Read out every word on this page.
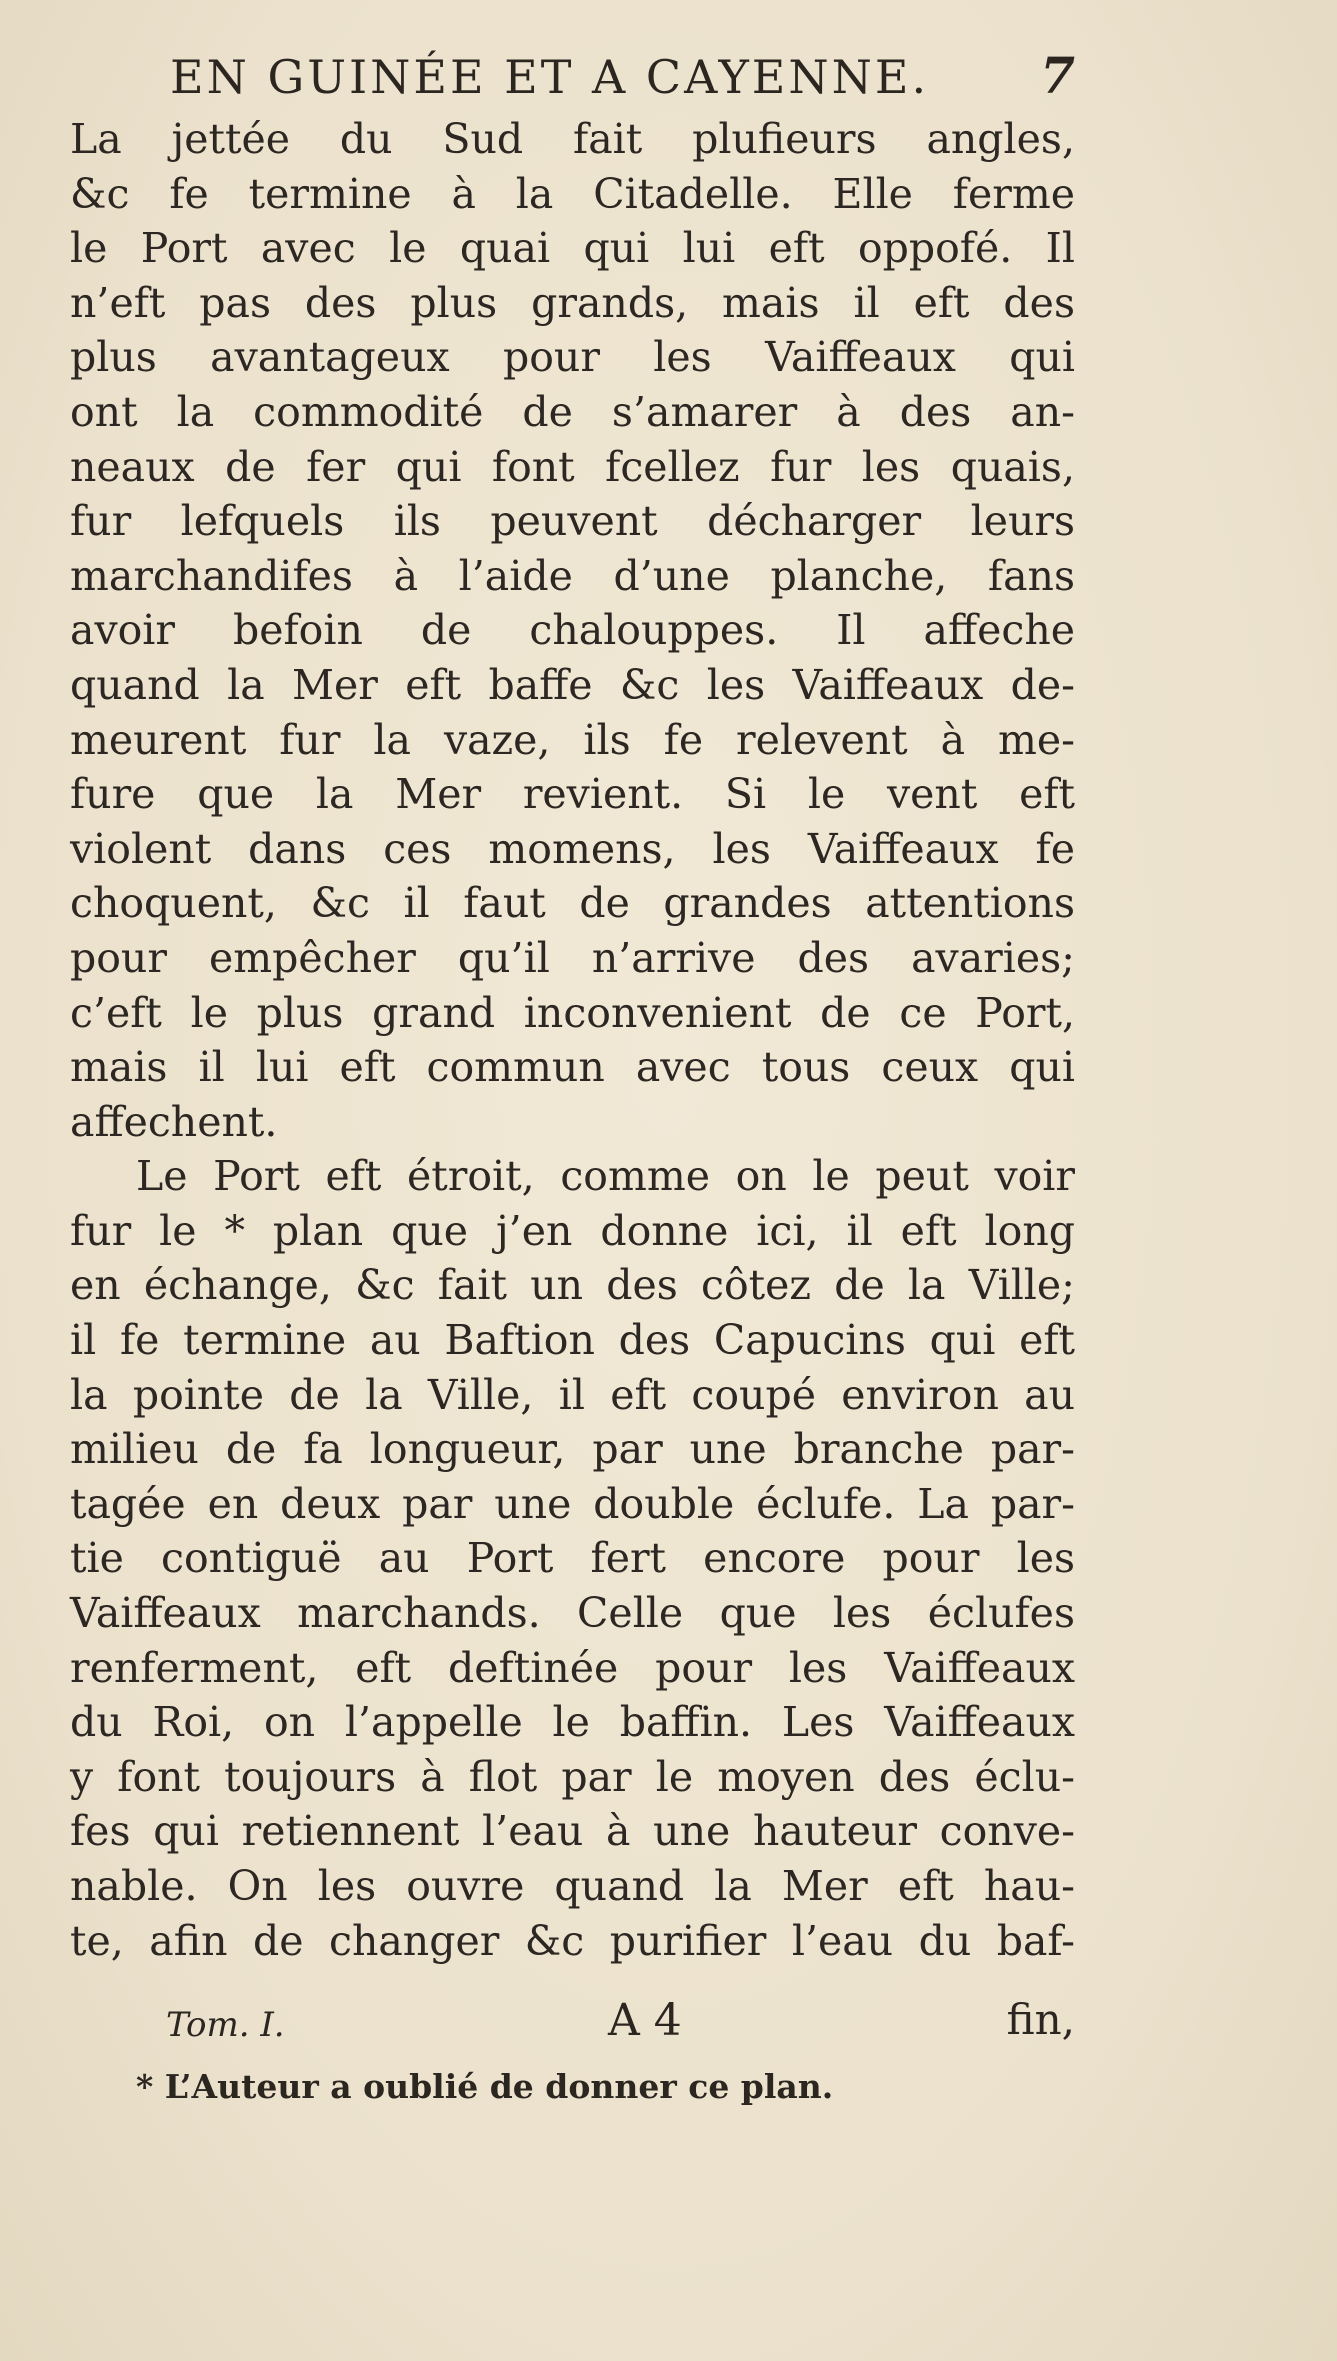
EN GUINÉE ET A CAYENNE. 7
La jettée du Sud fait plufieurs angles,
&c fe termine à la Citadelle. Elle ferme
le Port avec le quai qui lui eft oppofé. Il
n’eft pas des plus grands, mais il eft des
plus avantageux pour les Vaiffeaux qui
ont la commodité de s’amarer à des an-
neaux de fer qui font fcellez fur les quais,
fur lefquels ils peuvent décharger leurs
marchandifes à l’aide d’une planche, fans
avoir befoin de chalouppes. Il affeche
quand la Mer eft baffe &c les Vaiffeaux de-
meurent fur la vaze, ils fe relevent à me-
fure que la Mer revient. Si le vent eft
violent dans ces momens, les Vaiffeaux fe
choquent, &c il faut de grandes attentions
pour empêcher qu’il n’arrive des avaries;
c’eft le plus grand inconvenient de ce Port,
mais il lui eft commun avec tous ceux qui
affechent.
Le Port eft étroit, comme on le peut voir
fur le * plan que j’en donne ici, il eft long
en échange, &c fait un des côtez de la Ville;
il fe termine au Baftion des Capucins qui eft
la pointe de la Ville, il eft coupé environ au
milieu de fa longueur, par une branche par-
tagée en deux par une double éclufe. La par-
tie contiguë au Port fert encore pour les
Vaiffeaux marchands. Celle que les éclufes
renferment, eft deftinée pour les Vaiffeaux
du Roi, on l’appelle le baffin. Les Vaiffeaux
y font toujours à flot par le moyen des éclu-
fes qui retiennent l’eau à une hauteur conve-
nable. On les ouvre quand la Mer eft hau-
te, afin de changer &c purifier l’eau du baf-
Tom. I.	A 4	fin,
* L’Auteur a oublié de donner ce plan.
